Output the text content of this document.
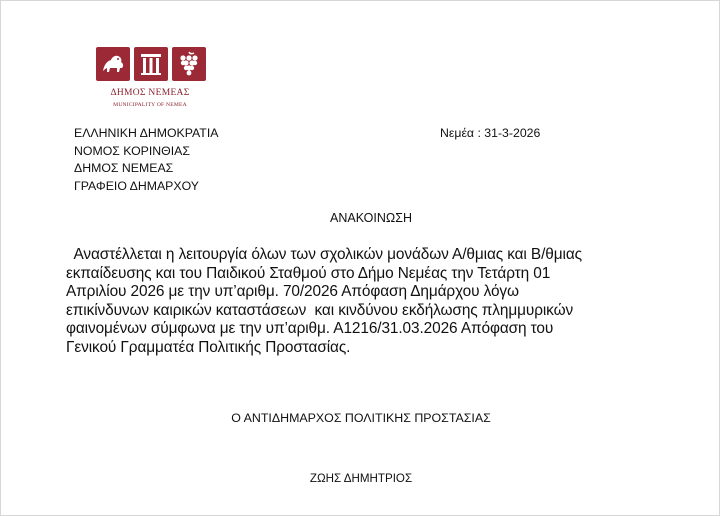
ΔΗΜΟΣ ΝΕΜΕΑΣ
MUNICIPALITY OF NEMEA
ΕΛΛΗΝΙΚΗ ΔΗΜΟΚΡΑΤΙΑ
ΝΟΜΟΣ ΚΟΡΙΝΘΙΑΣ
ΔΗΜΟΣ ΝΕΜΕΑΣ
ΓΡΑΦΕΙΟ ΔΗΜΑΡΧΟΥ
Νεμέα : 31-3-2026
ΑΝΑΚΟΙΝΩΣΗ
Αναστέλλεται η λειτουργία όλων των σχολικών μονάδων Α/θμιας και Β/θμιας
εκπαίδευσης και του Παιδικού Σταθμού στο Δήμο Νεμέας την Τετάρτη 01
Απριλίου 2026 με την υπ’αριθμ. 70/2026 Απόφαση Δημάρχου λόγω
επικίνδυνων καιρικών καταστάσεων  και κινδύνου εκδήλωσης πλημμυρικών
φαινομένων σύμφωνα με την υπ’αριθμ. Α1216/31.03.2026 Απόφαση του
Γενικού Γραμματέα Πολιτικής Προστασίας.
Ο ΑΝΤΙΔΗΜΑΡΧΟΣ ΠΟΛΙΤΙΚΗΣ ΠΡΟΣΤΑΣΙΑΣ
ΖΩΗΣ ΔΗΜΗΤΡΙΟΣ
